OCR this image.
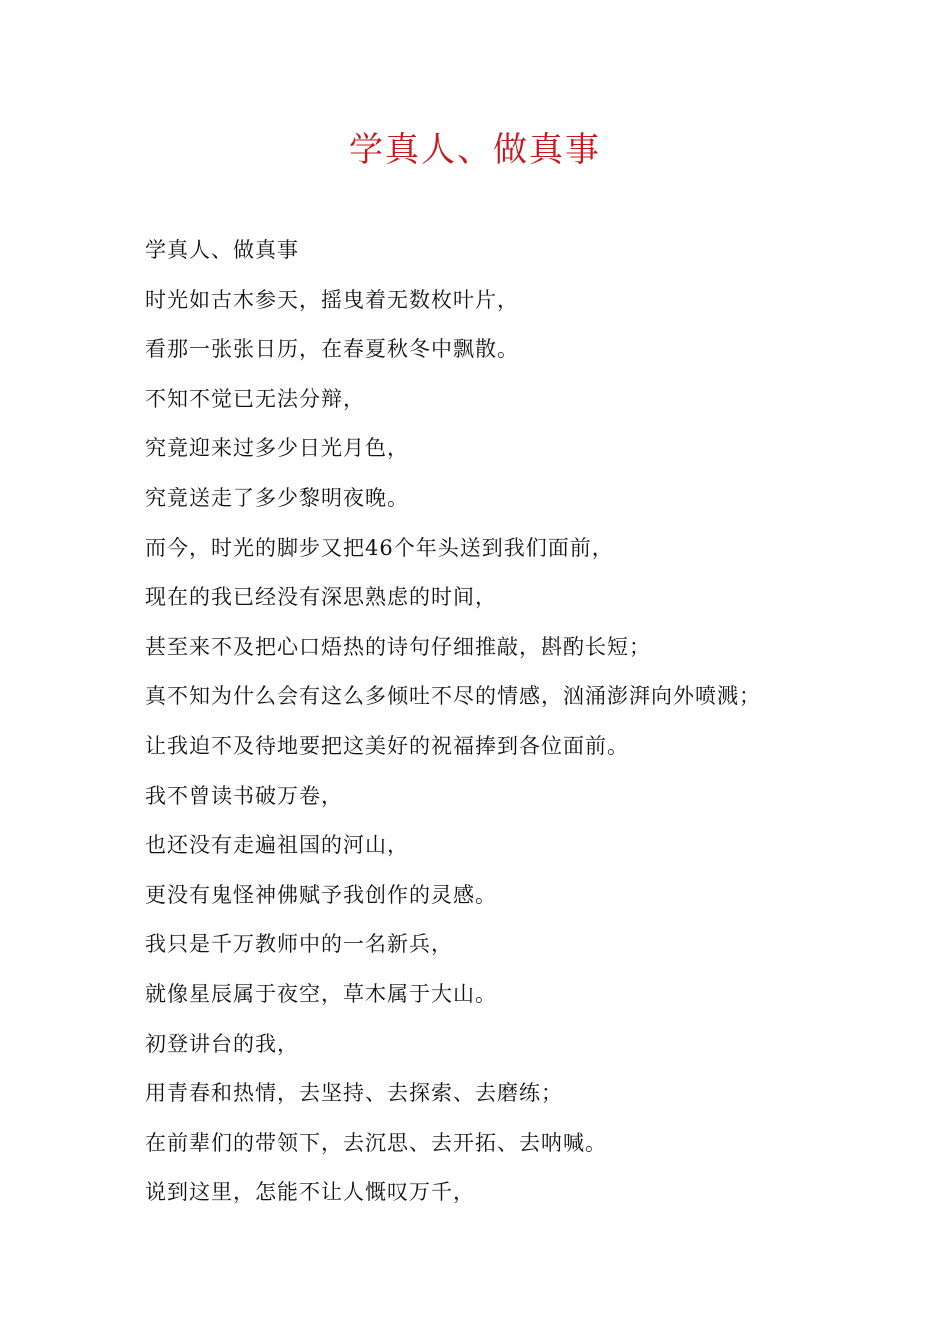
学真人、做真事
学真人、做真事
时光如古木参天，摇曳着无数枚叶片，
看那一张张日历，在春夏秋冬中飘散。
不知不觉已无法分辩，
究竟迎来过多少日光月色，
究竟送走了多少黎明夜晚。
而今，时光的脚步又把46个年头送到我们面前，
现在的我已经没有深思熟虑的时间，
甚至来不及把心口焐热的诗句仔细推敲，斟酌长短；
真不知为什么会有这么多倾吐不尽的情感，汹涌澎湃向外喷溅；
让我迫不及待地要把这美好的祝福捧到各位面前。
我不曾读书破万卷，
也还没有走遍祖国的河山，
更没有鬼怪神佛赋予我创作的灵感。
我只是千万教师中的一名新兵，
就像星辰属于夜空，草木属于大山。
初登讲台的我，
用青春和热情，去坚持、去探索、去磨练；
在前辈们的带领下，去沉思、去开拓、去呐喊。
说到这里，怎能不让人慨叹万千，
